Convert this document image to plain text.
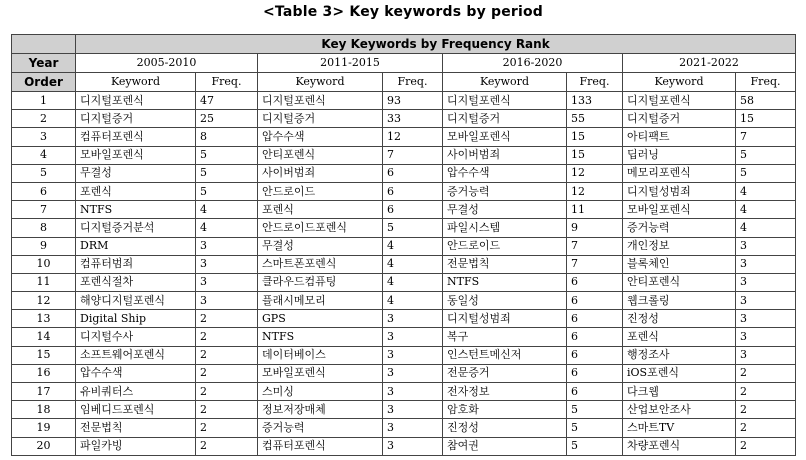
<Table 3> Key keywords by period
	Key Keywords by Frequency Rank							
Year	2005-2010		2011-2015		2016-2020		2021-2022	
Order	Keyword	Freq.	Keyword	Freq.	Keyword	Freq.	Keyword	Freq.
1	디지털포렌식	47	디지털포렌식	93	디지털포렌식	133	디지털포렌식	58
2	디지털증거	25	디지털증거	33	디지털증거	55	디지털증거	15
3	컴퓨터포렌식	8	압수수색	12	모바일포렌식	15	아티팩트	7
4	모바일포렌식	5	안티포렌식	7	사이버범죄	15	딥러닝	5
5	무결성	5	사이버범죄	6	압수수색	12	메모리포렌식	5
6	포렌식	5	안드로이드	6	증거능력	12	디지털성범죄	4
7	NTFS	4	포렌식	6	무결성	11	모바일포렌식	4
8	디지털증거분석	4	안드로이드포렌식	5	파일시스템	9	증거능력	4
9	DRM	3	무결성	4	안드로이드	7	개인정보	3
10	컴퓨터범죄	3	스마트폰포렌식	4	전문법칙	7	블록체인	3
11	포렌식절차	3	클라우드컴퓨팅	4	NTFS	6	안티포렌식	3
12	해양디지털포렌식	3	플래시메모리	4	동일성	6	웹크롤링	3
13	Digital Ship	2	GPS	3	디지털성범죄	6	진정성	3
14	디지털수사	2	NTFS	3	복구	6	포렌식	3
15	소프트웨어포렌식	2	데이터베이스	3	인스턴트메신저	6	행정조사	3
16	압수수색	2	모바일포렌식	3	전문증거	6	iOS포렌식	2
17	유비쿼터스	2	스미싱	3	전자정보	6	다크웹	2
18	임베디드포렌식	2	정보저장매체	3	암호화	5	산업보안조사	2
19	전문법칙	2	증거능력	3	진정성	5	스마트TV	2
20	파일카빙	2	컴퓨터포렌식	3	참여권	5	차량포렌식	2
